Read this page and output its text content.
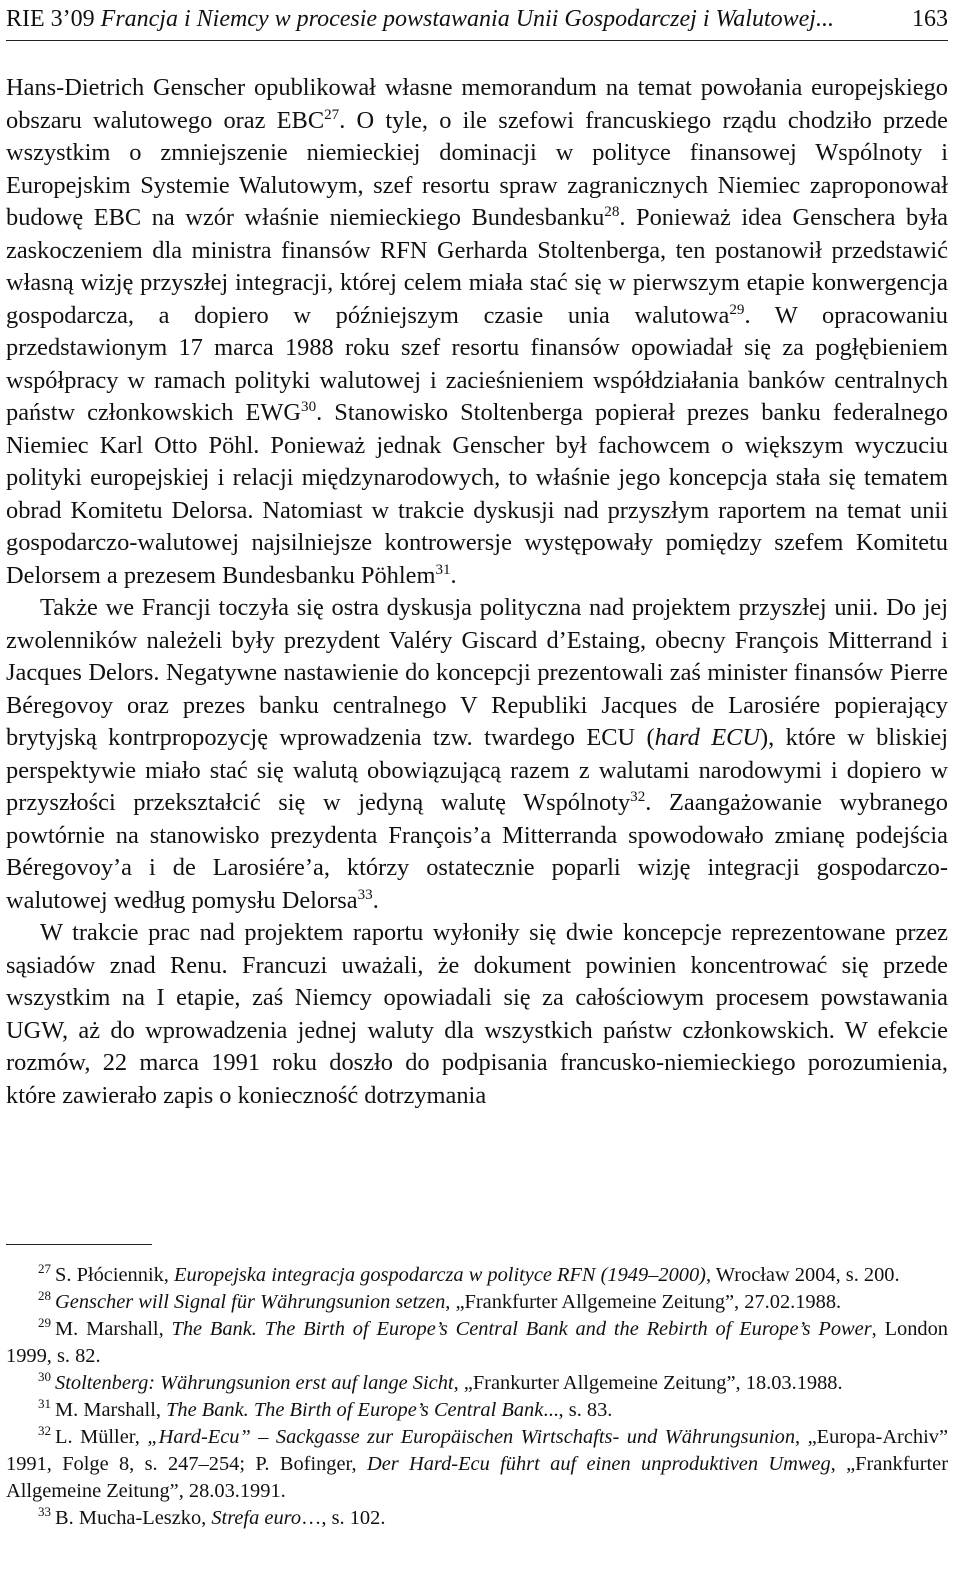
RIE 3’09 Francja i Niemcy w procesie powstawania Unii Gospodarczej i Walutowej...	163

Hans-Dietrich Genscher opublikował własne memorandum na temat powołania europejskiego obszaru walutowego oraz EBC$^{27}$. O tyle, o ile szefowi francuskiego rządu chodziło przede wszystkim o zmniejszenie niemieckiej dominacji w polityce finansowej Wspólnoty i Europejskim Systemie Walutowym, szef resortu spraw zagranicznych Niemiec zaproponował budowę EBC na wzór właśnie niemieckiego Bundesbanku$^{28}$. Ponieważ idea Genschera była zaskoczeniem dla ministra finansów RFN Gerharda Stoltenberga, ten postanowił przedstawić własną wizję przyszłej integracji, której celem miała stać się w pierwszym etapie konwergencja gospodarcza, a dopiero w późniejszym czasie unia walutowa$^{29}$. W opracowaniu przedstawionym 17 marca 1988 roku szef resortu finansów opowiadał się za pogłębieniem współpracy w ramach polityki walutowej i zacieśnieniem współdziałania banków centralnych państw członkowskich EWG$^{30}$. Stanowisko Stoltenberga popierał prezes banku federalnego Niemiec Karl Otto Pöhl. Ponieważ jednak Genscher był fachowcem o większym wyczuciu polityki europejskiej i relacji międzynarodowych, to właśnie jego koncepcja stała się tematem obrad Komitetu Delorsa. Natomiast w trakcie dyskusji nad przyszłym raportem na temat unii gospodarczo-walutowej najsilniejsze kontrowersje występowały pomiędzy szefem Komitetu Delorsem a prezesem Bundesbanku Pöhlem$^{31}$.

Także we Francji toczyła się ostra dyskusja polityczna nad projektem przyszłej unii. Do jej zwolenników należeli były prezydent Valéry Giscard d’Estaing, obecny François Mitterrand i Jacques Delors. Negatywne nastawienie do koncepcji prezentowali zaś minister finansów Pierre Béregovoy oraz prezes banku centralnego V Republiki Jacques de Larosiére popierający brytyjską kontrpropozycję wprowadzenia tzw. twardego ECU (hard ECU), które w bliskiej perspektywie miało stać się walutą obowiązującą razem z walutami narodowymi i dopiero w przyszłości przekształcić się w jedyną walutę Wspólnoty$^{32}$. Zaangażowanie wybranego powtórnie na stanowisko prezydenta François’a Mitterranda spowodowało zmianę podejścia Béregovoy’a i de Larosiére’a, którzy ostatecznie poparli wizję integracji gospodarczo-walutowej według pomysłu Delorsa$^{33}$.

W trakcie prac nad projektem raportu wyłoniły się dwie koncepcje reprezentowane przez sąsiadów znad Renu. Francuzi uważali, że dokument powinien koncentrować się przede wszystkim na I etapie, zaś Niemcy opowiadali się za całościowym procesem powstawania UGW, aż do wprowadzenia jednej waluty dla wszystkich państw członkowskich. W efekcie rozmów, 22 marca 1991 roku doszło do podpisania francusko-niemieckiego porozumienia, które zawierało zapis o konieczność dotrzymania

$^{27}$ S. Płóciennik, Europejska integracja gospodarcza w polityce RFN (1949–2000), Wrocław 2004, s. 200.

$^{28}$ Genscher will Signal für Währungsunion setzen, „Frankfurter Allgemeine Zeitung”, 27.02.1988.

$^{29}$ M. Marshall, The Bank. The Birth of Europe’s Central Bank and the Rebirth of Europe’s Power, London 1999, s. 82.

$^{30}$ Stoltenberg: Währungsunion erst auf lange Sicht, „Frankurter Allgemeine Zeitung”, 18.03.1988.

$^{31}$ M. Marshall, The Bank. The Birth of Europe’s Central Bank..., s. 83.

$^{32}$ L. Müller, „Hard-Ecu” – Sackgasse zur Europäischen Wirtschafts- und Währungsunion, „Europa-Archiv” 1991, Folge 8, s. 247–254; P. Bofinger, Der Hard-Ecu führt auf einen unproduktiven Umweg, „Frankfurter Allgemeine Zeitung”, 28.03.1991.

$^{33}$ B. Mucha-Leszko, Strefa euro…, s. 102.
